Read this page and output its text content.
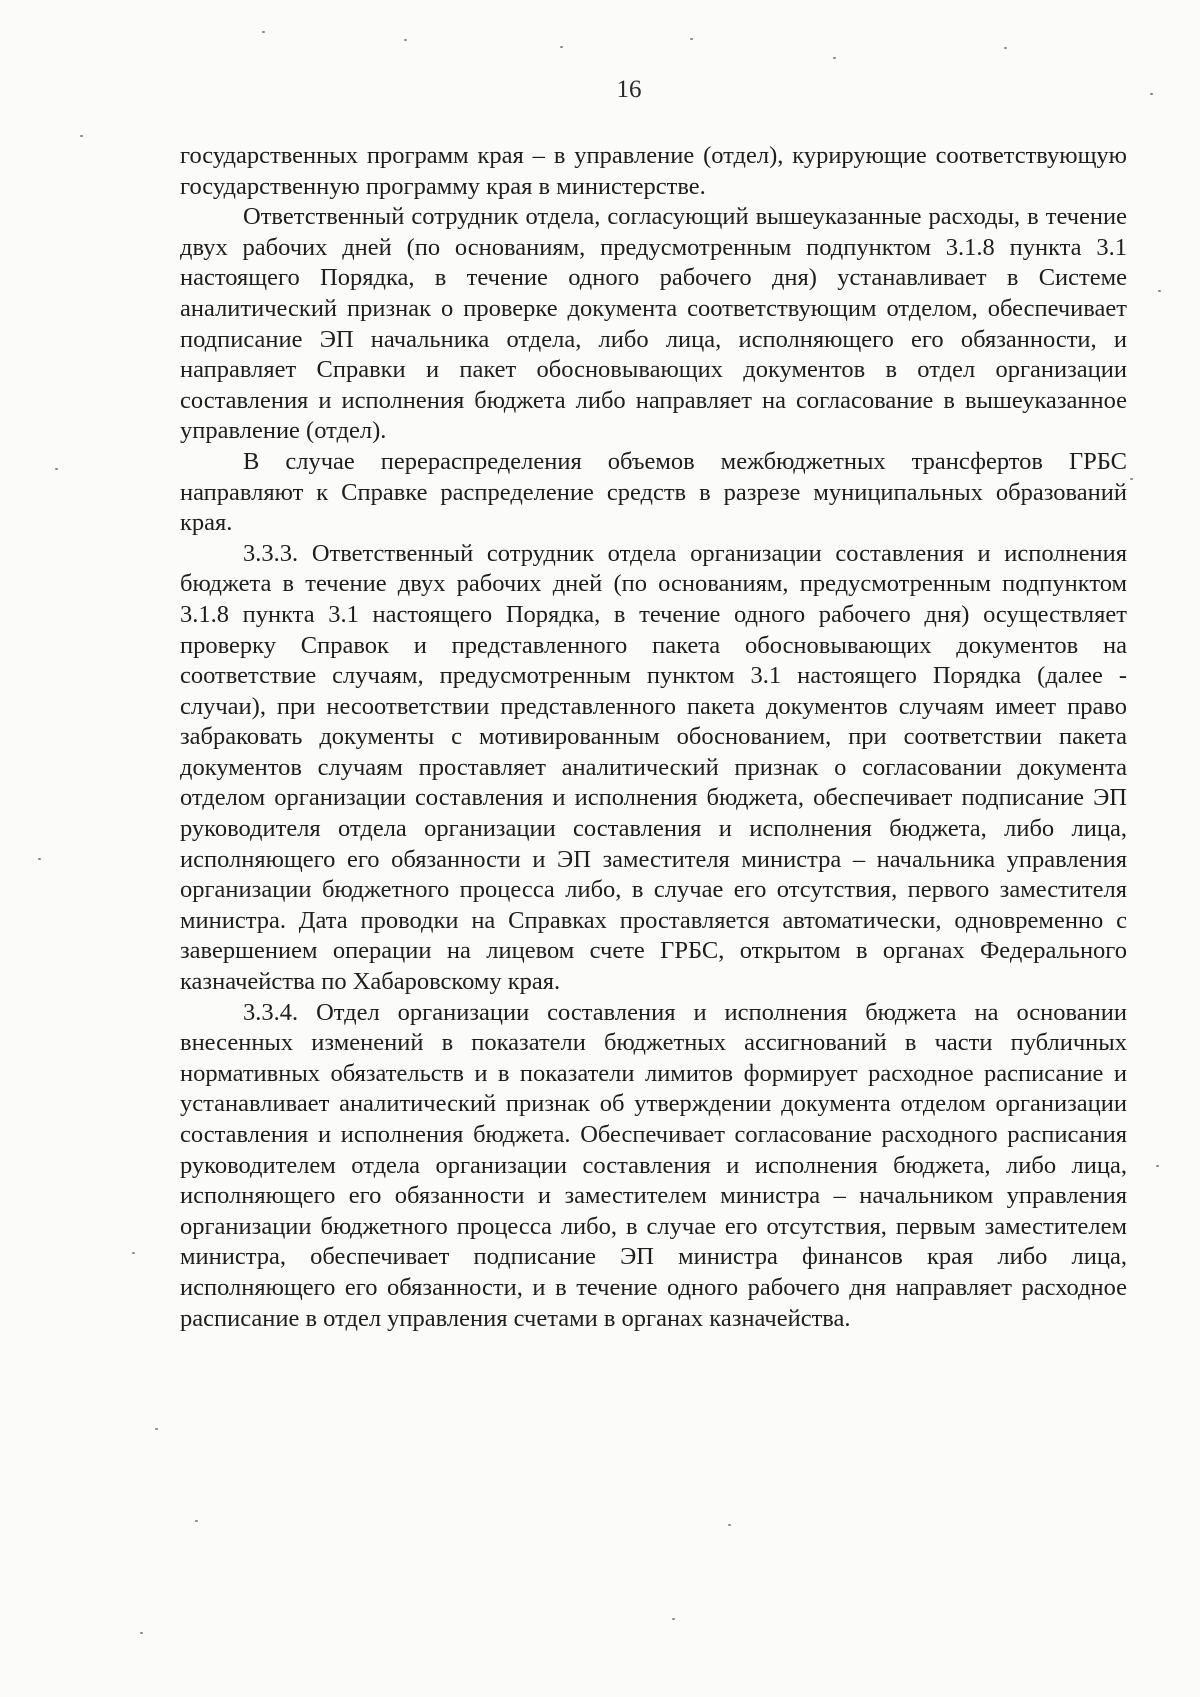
16

государственных программ края – в управление (отдел), курирующие соответствующую государственную программу края в министерстве.

Ответственный сотрудник отдела, согласующий вышеуказанные расходы, в течение двух рабочих дней (по основаниям, предусмотренным подпунктом 3.1.8 пункта 3.1 настоящего Порядка, в течение одного рабочего дня) устанавливает в Системе аналитический признак о проверке документа соответствующим отделом, обеспечивает подписание ЭП начальника отдела, либо лица, исполняющего его обязанности, и направляет Справки и пакет обосновывающих документов в отдел организации составления и исполнения бюджета либо направляет на согласование в вышеуказанное управление (отдел).

В случае перераспределения объемов межбюджетных трансфертов ГРБС направляют к Справке распределение средств в разрезе муниципальных образований края.

3.3.3. Ответственный сотрудник отдела организации составления и исполнения бюджета в течение двух рабочих дней (по основаниям, предусмотренным подпунктом 3.1.8 пункта 3.1 настоящего Порядка, в течение одного рабочего дня) осуществляет проверку Справок и представленного пакета обосновывающих документов на соответствие случаям, предусмотренным пунктом 3.1 настоящего Порядка (далее - случаи), при несоответствии представленного пакета документов случаям имеет право забраковать документы с мотивированным обоснованием, при соответствии пакета документов случаям проставляет аналитический признак о согласовании документа отделом организации составления и исполнения бюджета, обеспечивает подписание ЭП руководителя отдела организации составления и исполнения бюджета, либо лица, исполняющего его обязанности и ЭП заместителя министра – начальника управления организации бюджетного процесса либо, в случае его отсутствия, первого заместителя министра. Дата проводки на Справках проставляется автоматически, одновременно с завершением операции на лицевом счете ГРБС, открытом в органах Федерального казначейства по Хабаровскому края.

3.3.4. Отдел организации составления и исполнения бюджета на основании внесенных изменений в показатели бюджетных ассигнований в части публичных нормативных обязательств и в показатели лимитов формирует расходное расписание и устанавливает аналитический признак об утверждении документа отделом организации составления и исполнения бюджета. Обеспечивает согласование расходного расписания руководителем отдела организации составления и исполнения бюджета, либо лица, исполняющего его обязанности и заместителем министра – начальником управления организации бюджетного процесса либо, в случае его отсутствия, первым заместителем министра, обеспечивает подписание ЭП министра финансов края либо лица, исполняющего его обязанности, и в течение одного рабочего дня направляет расходное расписание в отдел управления счетами в органах казначейства.
